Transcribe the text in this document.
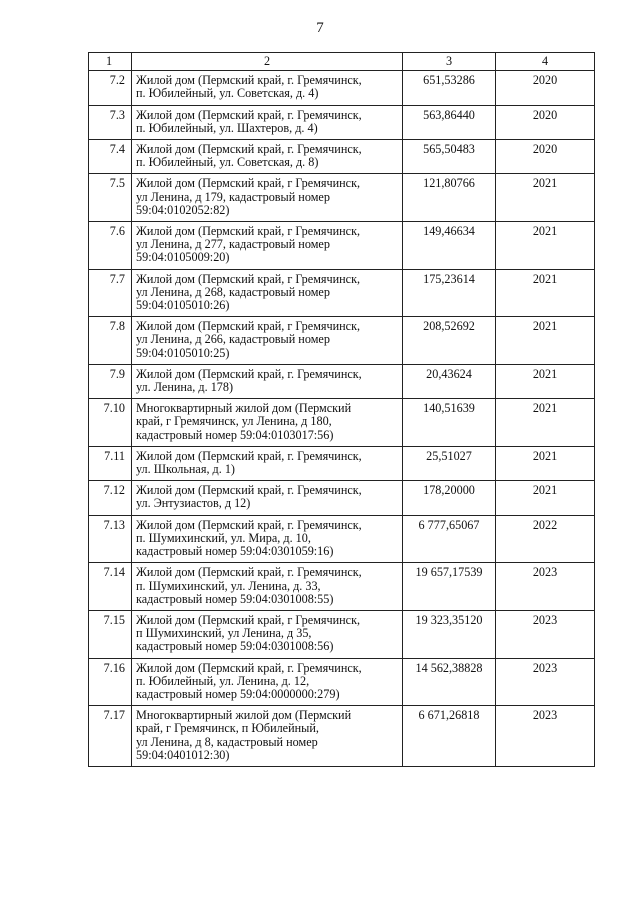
7
1	2	3	4
7.2	Жилой дом (Пермский край, г. Гремячинск,
п. Юбилейный, ул. Советская, д. 4)	651,53286	2020
7.3	Жилой дом (Пермский край, г. Гремячинск,
п. Юбилейный, ул. Шахтеров, д. 4)	563,86440	2020
7.4	Жилой дом (Пермский край, г. Гремячинск,
п. Юбилейный, ул. Советская, д. 8)	565,50483	2020
7.5	Жилой дом (Пермский край, г Гремячинск,
ул Ленина, д 179, кадастровый номер
59:04:0102052:82)	121,80766	2021
7.6	Жилой дом (Пермский край, г Гремячинск,
ул Ленина, д 277, кадастровый номер
59:04:0105009:20)	149,46634	2021
7.7	Жилой дом (Пермский край, г Гремячинск,
ул Ленина, д 268, кадастровый номер
59:04:0105010:26)	175,23614	2021
7.8	Жилой дом (Пермский край, г Гремячинск,
ул Ленина, д 266, кадастровый номер
59:04:0105010:25)	208,52692	2021
7.9	Жилой дом (Пермский край, г. Гремячинск,
ул. Ленина, д. 178)	20,43624	2021
7.10	Многоквартирный жилой дом (Пермский
край, г Гремячинск, ул Ленина, д 180,
кадастровый номер 59:04:0103017:56)	140,51639	2021
7.11	Жилой дом (Пермский край, г. Гремячинск,
ул. Школьная, д. 1)	25,51027	2021
7.12	Жилой дом (Пермский край, г. Гремячинск,
ул. Энтузиастов, д 12)	178,20000	2021
7.13	Жилой дом (Пермский край, г. Гремячинск,
п. Шумихинский, ул. Мира, д. 10,
кадастровый номер 59:04:0301059:16)	6 777,65067	2022
7.14	Жилой дом (Пермский край, г. Гремячинск,
п. Шумихинский, ул. Ленина, д. 33,
кадастровый номер 59:04:0301008:55)	19 657,17539	2023
7.15	Жилой дом (Пермский край, г Гремячинск,
п Шумихинский, ул Ленина, д 35,
кадастровый номер 59:04:0301008:56)	19 323,35120	2023
7.16	Жилой дом (Пермский край, г. Гремячинск,
п. Юбилейный, ул. Ленина, д. 12,
кадастровый номер 59:04:0000000:279)	14 562,38828	2023
7.17	Многоквартирный жилой дом (Пермский
край, г Гремячинск, п Юбилейный,
ул Ленина, д 8, кадастровый номер
59:04:0401012:30)	6 671,26818	2023
